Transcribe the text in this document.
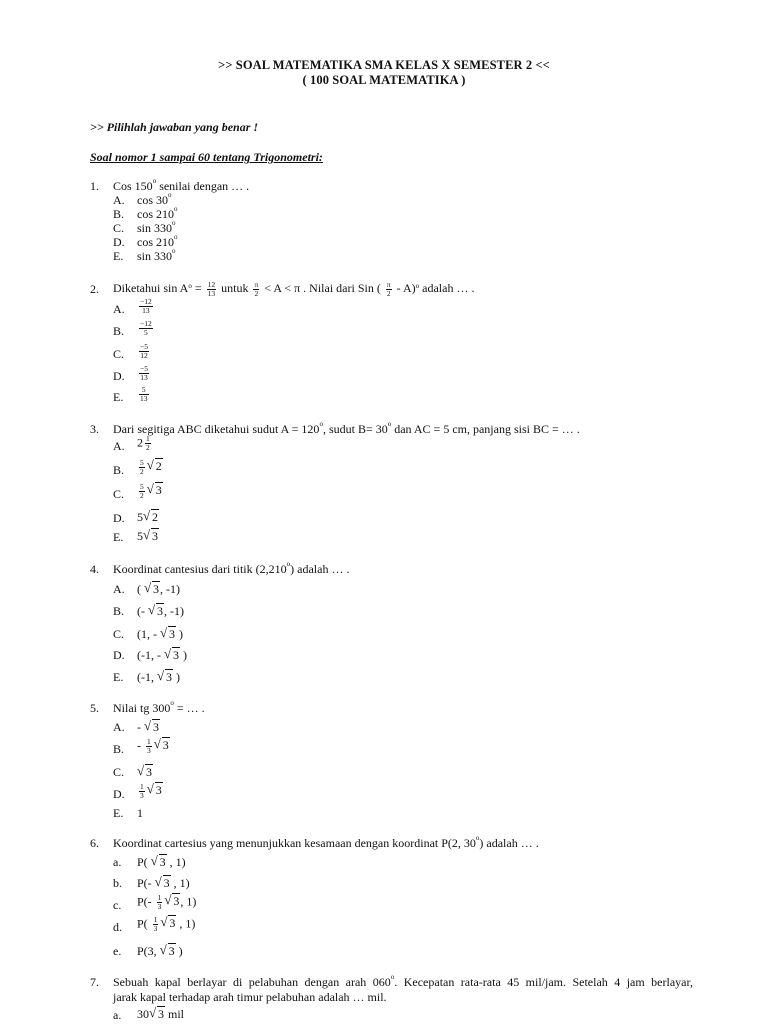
>> SOAL MATEMATIKA SMA KELAS X SEMESTER 2 <<
( 100 SOAL MATEMATIKA )
>> Pilihlah jawaban yang benar !
Soal nomor 1 sampai 60 tentang Trigonometri:
1. Cos 150$^o$ senilai dengan … .
A. cos 30$^o$
B. cos 210$^o$
C. sin 330$^o$
D. cos 210$^o$
E. sin 330$^o$
2. Diketahui $\sin A^o = \frac{12}{13}$ untuk $\frac{\pi}{2} < A < \pi$ . Nilai dari Sin ( $\frac{\pi}{2} - A)^o$ adalah … .
A. $\frac{-12}{13}$
B. $\frac{-12}{5}$
C. $\frac{-5}{12}$
D. $\frac{-5}{13}$
E. $\frac{5}{13}$
3. Dari segitiga ABC diketahui sudut $A = 120^o$, sudut $B= 30^o$ dan AC = 5 cm, panjang sisi BC = … .
A. $2 \frac{1}{2}$
B. $\frac{5}{2}$ √ 2
C. $\frac{5}{2}$ √ 3
D. 5 √ 2
E. 5 √ 3
4. Koordinat cantesius dari titik (2,210$^o$) adalah … .
A. ( √ 3, -1)
B. (- √ 3, -1)
C. (1, - √ 3 )
D. (-1, - √ 3 )
E. (-1, √ 3 )
5. Nilai tg $300^o$ = … .
A. - √ 3
B. - $\frac{1}{3}$ √ 3
C.	√ 3
D. $\frac{1}{3}$ √ 3
E. 1
6. Koordinat cartesius yang menunjukkan kesamaan dengan koordinat P(2, 30$^o$) adalah … .
a. P( √ 3 , 1)
b. P(- √ 3 , 1)
c. $P(- \frac{1}{3}$ √ 3, 1)
d. $P( \frac{1}{3}$ √ 3 , 1)
e. P(3, √ 3 )
7. Sebuah kapal berlayar di pelabuhan dengan arah 060$^o$. Kecepatan rata-rata 45 mil/jam. Setelah 4 jam berlayar,
jarak kapal terhadap arah timur pelabuhan adalah … mil.
a. 30 √ 3 mil
